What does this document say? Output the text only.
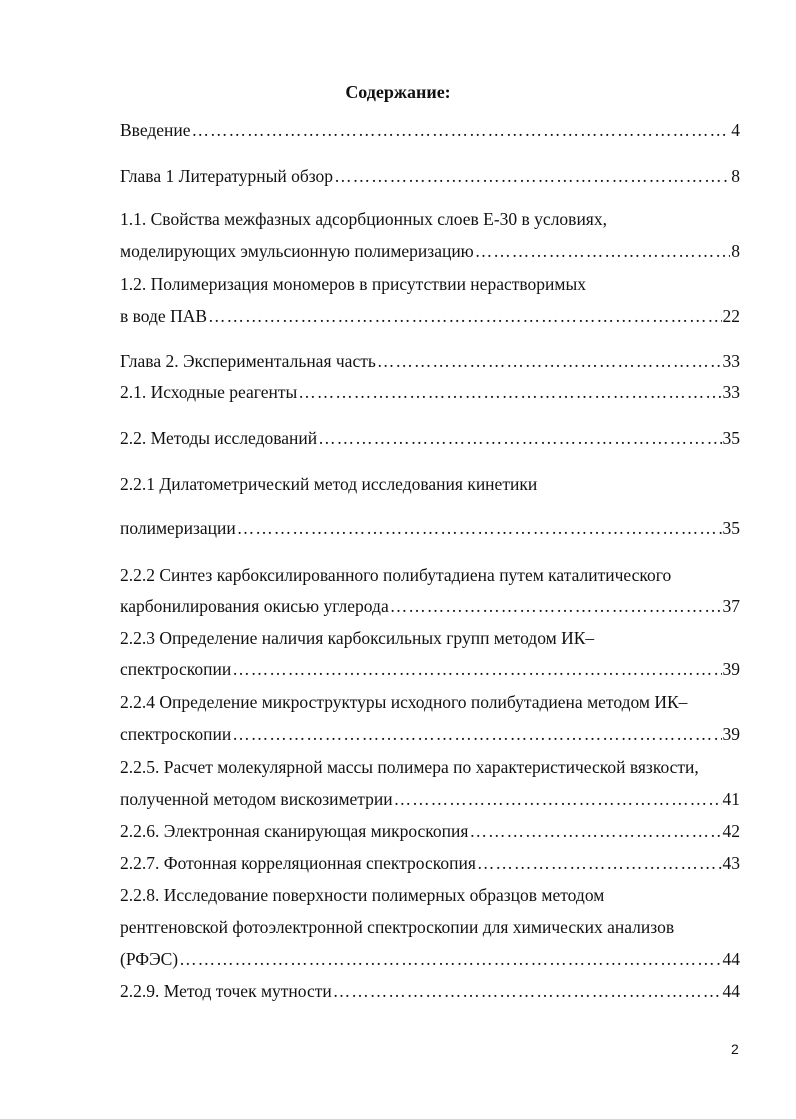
Содержание:
Введение …………………………………………………………………………………………………………………………………………………………	4
Глава 1 Литературный обзор …………………………………………………………………………………………………………………………………………………………	8
1.1. Свойства межфазных адсорбционных слоев Е-30 в условиях,
моделирующих эмульсионную полимеризацию …………………………………………………………………………………………………………………………………………………………	8
1.2. Полимеризация мономеров в присутствии нерастворимых
в воде ПАВ …………………………………………………………………………………………………………………………………………………………	22
Глава 2. Экспериментальная часть …………………………………………………………………………………………………………………………………………………………	33
2.1. Исходные реагенты …………………………………………………………………………………………………………………………………………………………	33
2.2. Методы исследований …………………………………………………………………………………………………………………………………………………………	35
2.2.1 Дилатометрический метод исследования кинетики
полимеризации …………………………………………………………………………………………………………………………………………………………	35
2.2.2 Синтез карбоксилированного полибутадиена путем каталитического
карбонилирования окисью углерода …………………………………………………………………………………………………………………………………………………………	37
2.2.3 Определение наличия карбоксильных групп методом ИК–
спектроскопии …………………………………………………………………………………………………………………………………………………………	39
2.2.4 Определение микроструктуры исходного полибутадиена методом ИК–
спектроскопии …………………………………………………………………………………………………………………………………………………………	39
2.2.5. Расчет молекулярной массы полимера по характеристической вязкости,
полученной методом вискозиметрии …………………………………………………………………………………………………………………………………………………………	41
2.2.6. Электронная сканирующая микроскопия …………………………………………………………………………………………………………………………………………………………	42
2.2.7. Фотонная корреляционная спектроскопия …………………………………………………………………………………………………………………………………………………………	43
2.2.8. Исследование поверхности полимерных образцов методом
рентгеновской фотоэлектронной спектроскопии для химических анализов
(РФЭС) …………………………………………………………………………………………………………………………………………………………	44
2.2.9. Метод точек мутности …………………………………………………………………………………………………………………………………………………………	44
2
